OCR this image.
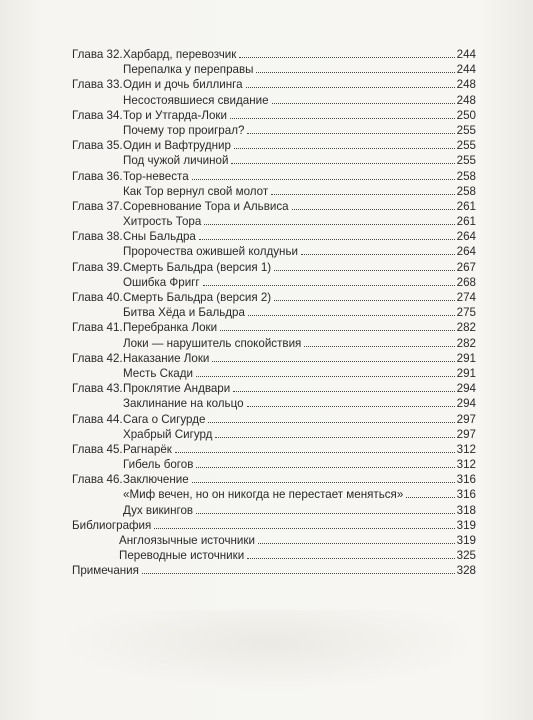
Глава 32. Харбард, перевозчик	244
Перепалка у переправы	244
Глава 33. Один и дочь биллинга	248
Несостоявшиеся свидание	248
Глава 34. Тор и Утгарда-Локи	250
Почему тор проиграл?	255
Глава 35. Один и Вафтруднир	255
Под чужой личиной	255
Глава 36. Тор-невеста	258
Как Тор вернул свой молот	258
Глава 37. Соревнование Тора и Альвиса	261
Хитрость Тора	261
Глава 38. Сны Бальдра	264
Пророчества ожившей колдуньи	264
Глава 39. Смерть Бальдра (версия 1)	267
Ошибка Фригг	268
Глава 40. Смерть Бальдра (версия 2)	274
Битва Хёда и Бальдра	275
Глава 41. Перебранка Локи	282
Локи — нарушитель спокойствия	282
Глава 42. Наказание Локи	291
Месть Скади	291
Глава 43. Проклятие Андвари	294
Заклинание на кольцо	294
Глава 44. Сага о Сигурде	297
Храбрый Сигурд	297
Глава 45. Рагнарёк	312
Гибель богов	312
Глава 46. Заключение	316
«Миф вечен, но он никогда не перестает меняться»	316
Дух викингов	318
Библиография	319
Англоязычные источники	319
Переводные источники	325
Примечания	328
